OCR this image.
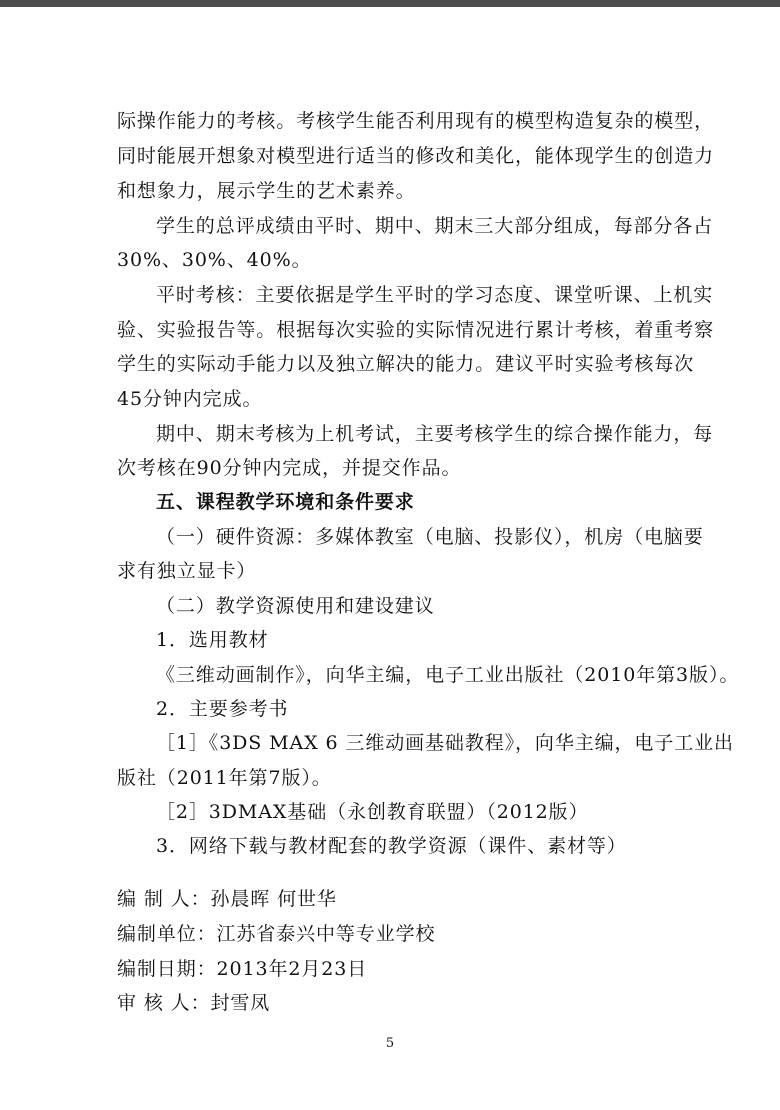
际操作能力的考核。考核学生能否利用现有的模型构造复杂的模型，
同时能展开想象对模型进行适当的修改和美化，能体现学生的创造力
和想象力，展示学生的艺术素养。
学生的总评成绩由平时、期中、期末三大部分组成，每部分各占
30%、30%、40%。
平时考核：主要依据是学生平时的学习态度、课堂听课、上机实
验、实验报告等。根据每次实验的实际情况进行累计考核，着重考察
学生的实际动手能力以及独立解决的能力。建议平时实验考核每次
45分钟内完成。
期中、期末考核为上机考试，主要考核学生的综合操作能力，每
次考核在90分钟内完成，并提交作品。
五、课程教学环境和条件要求
（一）硬件资源：多媒体教室（电脑、投影仪），机房（电脑要
求有独立显卡）
（二）教学资源使用和建设建议
1．选用教材
《三维动画制作》，向华主编，电子工业出版社（2010年第3版）。
2．主要参考书
［1］《3DS MAX 6 三维动画基础教程》，向华主编，电子工业出
版社（2011年第7版）。
［2］3DMAX基础（永创教育联盟）（2012版）
3．网络下载与教材配套的教学资源（课件、素材等）
编 制 人：孙晨晖 何世华
编制单位：江苏省泰兴中等专业学校
编制日期：2013年2月23日
审 核 人：封雪凤
5
